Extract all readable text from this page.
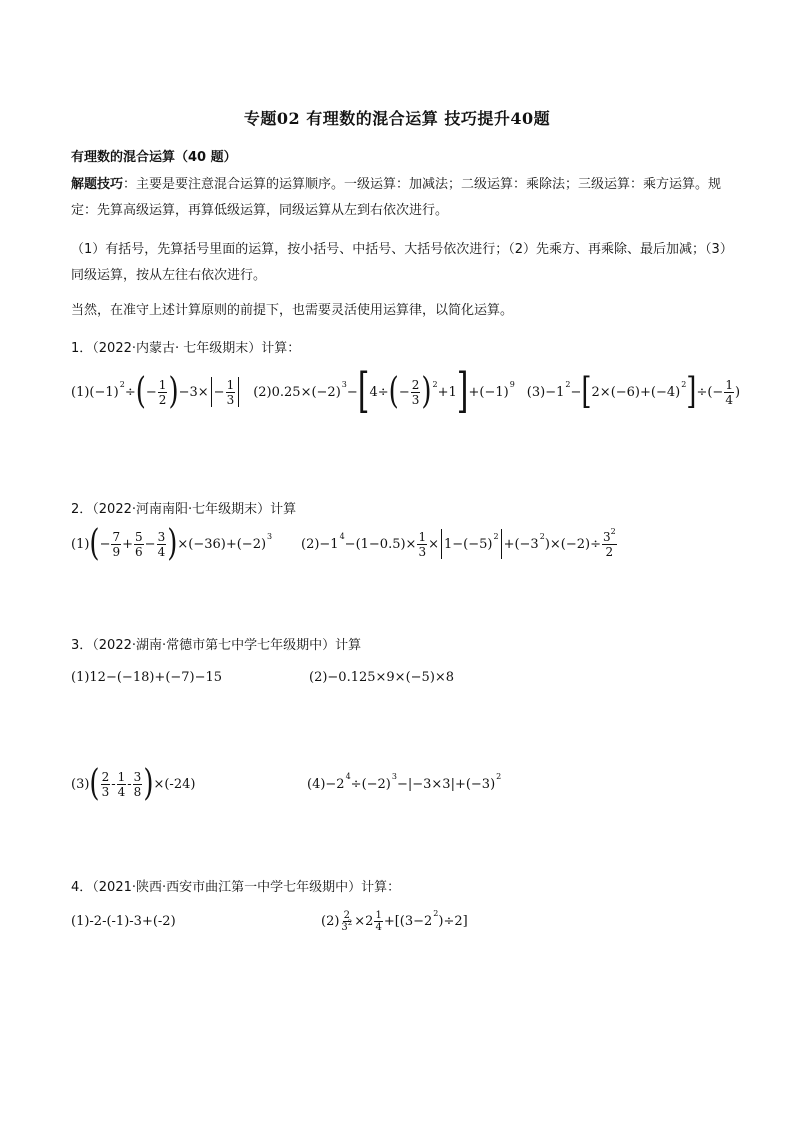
专题02 有理数的混合运算 技巧提升40题
有理数的混合运算（40 题）
解题技巧：主要是要注意混合运算的运算顺序。一级运算：加减法；二级运算：乘除法；三级运算：乘方运算。规定：先算高级运算，再算低级运算，同级运算从左到右依次进行。
（1）有括号，先算括号里面的运算，按小括号、中括号、大括号依次进行；（2）先乘方、再乘除、最后加减；（3）同级运算，按从左往右依次进行。
当然，在准守上述计算原则的前提下，也需要灵活使用运算律，以简化运算。
1．（2022·内蒙古· 七年级期末）计算：
(1)(−1)
2
÷ ( − $\frac{1}{2}$ ) $-3\times - \frac{1}{3} (2)0.25\times(-2)$
3
− [ 4÷ ( − $\frac{2}{3}$ ) 2
+1 ] +(−1)
9
(3)−1
2
− [ 2×(−6)+(−4)
2 ] ÷(− $\frac{1}{4}$ )
2．（2022·河南南阳·七年级期末）计算
(1) ( − $\frac{7}{9} + \frac{5}{6} - \frac{3}{4}$ ) ×(−36)+(−2)
3
(2)−1
4
$-(1-0.5)\times \frac{1}{3} \times 1-(-5)$
2
+(−3
2
)$\times(-2)\div \frac{3 2}{2}$
3．（2022·湖南·常德市第七中学七年级期中）计算
(1)12−(−18)+(−7)−15	(2)−0.125×9×(−5)×8
(3) ( $\frac{2}{3} - \frac{1}{4} - \frac{3}{8}$ ) ×(-24)	(4)−2
4
÷(−2)
3
−|−3×3|+(−3)
2
4．（2021·陕西·西安市曲江第一中学七年级期中）计算：
(1)-2-(-1)-3+(-2)	$(2) \frac{2}{3 2} \times 2 \frac{1}{4} +[(3-2$
2
)÷2]
